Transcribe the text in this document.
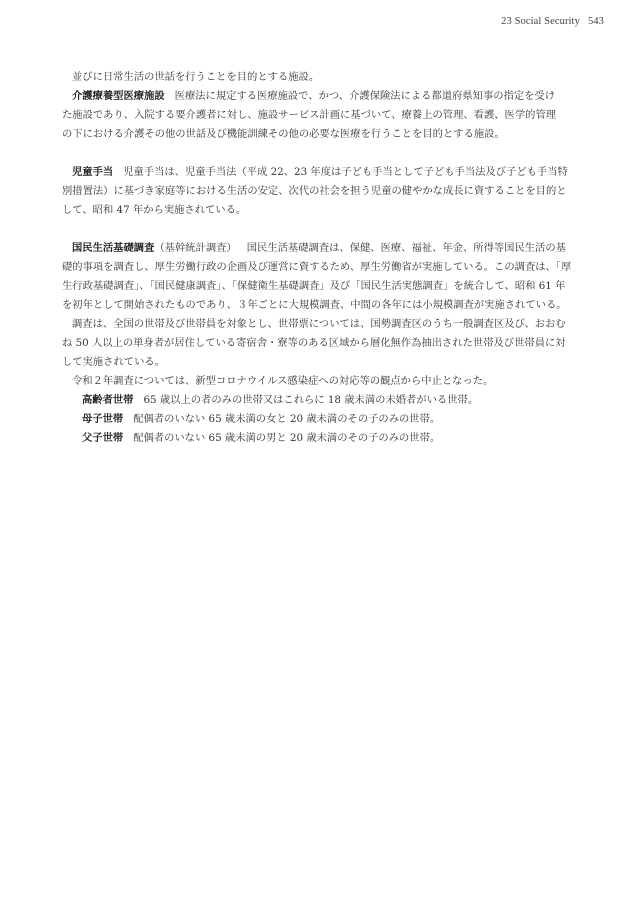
23 Social Security 543

並びに日常生活の世話を行うことを目的とする施設。

介護療養型医療施設 医療法に規定する医療施設で、かつ、介護保険法による都道府県知事の指定を受け
た施設であり、入院する要介護者に対し、施設サービス計画に基づいて、療養上の管理、看護、医学的管理
の下における介護その他の世話及び機能訓練その他の必要な医療を行うことを目的とする施設。

児童手当 児童手当は、児童手当法（平成 22、23 年度は子ども手当として子ども手当法及び子ども手当特
別措置法）に基づき家庭等における生活の安定、次代の社会を担う児童の健やかな成長に資することを目的と
して、昭和 47 年から実施されている。

国民生活基礎調査（基幹統計調査） 国民生活基礎調査は、保健、医療、福祉、年金、所得等国民生活の基
礎的事項を調査し、厚生労働行政の企画及び運営に資するため、厚生労働省が実施している。この調査は、「厚
生行政基礎調査」、「国民健康調査」、「保健衛生基礎調査」及び「国民生活実態調査」を統合して、昭和 61 年
を初年として開始されたものであり、３年ごとに大規模調査、中間の各年には小規模調査が実施されている。
調査は、全国の世帯及び世帯員を対象とし、世帯票については、国勢調査区のうち一般調査区及び、おおむ
ね 50 人以上の単身者が居住している寄宿舎・寮等のある区域から層化無作為抽出された世帯及び世帯員に対
して実施されている。
令和２年調査については、新型コロナウイルス感染症への対応等の観点から中止となった。

高齢者世帯 65 歳以上の者のみの世帯又はこれらに 18 歳未満の未婚者がいる世帯。

母子世帯 配偶者のいない 65 歳未満の女と 20 歳未満のその子のみの世帯。

父子世帯 配偶者のいない 65 歳未満の男と 20 歳未満のその子のみの世帯。
